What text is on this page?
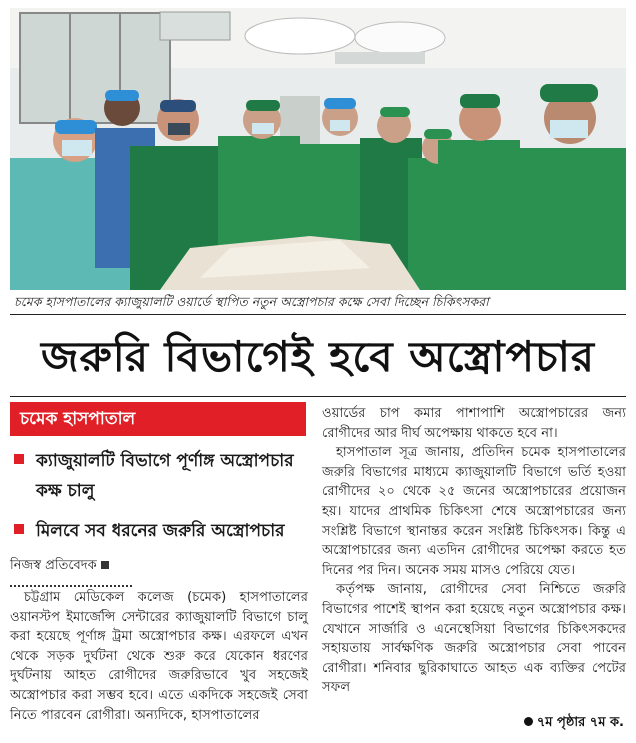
চমেক হাসপাতালের ক্যাজুয়ালটি ওয়ার্ডে স্থাপিত নতুন অস্ত্রোপচার কক্ষে সেবা দিচ্ছেন চিকিৎসকরা
জরুরি বিভাগেই হবে অস্ত্রোপচার
চমেক হাসপাতাল
ক্যাজুয়ালটি বিভাগে পূর্ণাঙ্গ অস্ত্রোপচার কক্ষ চালু
মিলবে সব ধরনের জরুরি অস্ত্রোপচার
নিজস্ব প্রতিবেদক

চট্টগ্রাম মেডিকেল কলেজ (চমেক) হাসপাতালের ওয়ানস্টপ ইমার্জেন্সি সেন্টারের ক্যাজুয়ালটি বিভাগে চালু করা হয়েছে পূর্ণাঙ্গ ট্রমা অস্ত্রোপচার কক্ষ। এরফলে এখন থেকে সড়ক দুর্ঘটনা থেকে শুরু করে যেকোন ধরণের দুর্ঘটনায় আহত রোগীদের জরুরিভাবে খুব সহজেই অস্ত্রোপচার করা সম্ভব হবে। এতে একদিকে সহজেই সেবা নিতে পারবেন রোগীরা। অন্যদিকে, হাসপাতালের

ওয়ার্ডের চাপ কমার পাশাপাশি অস্ত্রোপচারের জন্য রোগীদের আর দীর্ঘ অপেক্ষায় থাকতে হবে না।

হাসপাতাল সূত্র জানায়, প্রতিদিন চমেক হাসপাতালের জরুরি বিভাগের মাধ্যমে ক্যাজুয়ালটি বিভাগে ভর্তি হওয়া রোগীদের ২০ থেকে ২৫ জনের অস্ত্রোপচারের প্রয়োজন হয়। যাদের প্রাথমিক চিকিৎসা শেষে অস্ত্রোপচারের জন্য সংশ্লিষ্ট বিভাগে স্থানান্তর করেন সংশ্লিষ্ট চিকিৎসক। কিন্তু এ অস্ত্রোপচারের জন্য এতদিন রোগীদের অপেক্ষা করতে হত দিনের পর দিন। অনেক সময় মাসও পেরিয়ে যেত।

কর্তৃপক্ষ জানায়, রোগীদের সেবা নিশ্চিতে জরুরি বিভাগের পাশেই স্থাপন করা হয়েছে নতুন অস্ত্রোপচার কক্ষ। যেখানে সার্জারি ও এনেস্থেসিয়া বিভাগের চিকিৎসকদের সহায়তায় সার্বক্ষণিক জরুরি অস্ত্রোপচার সেবা পাবেন রোগীরা। শনিবার ছুরিকাঘাতে আহত এক ব্যক্তির পেটের সফল

৭ম পৃষ্ঠার ৭ম ক.
